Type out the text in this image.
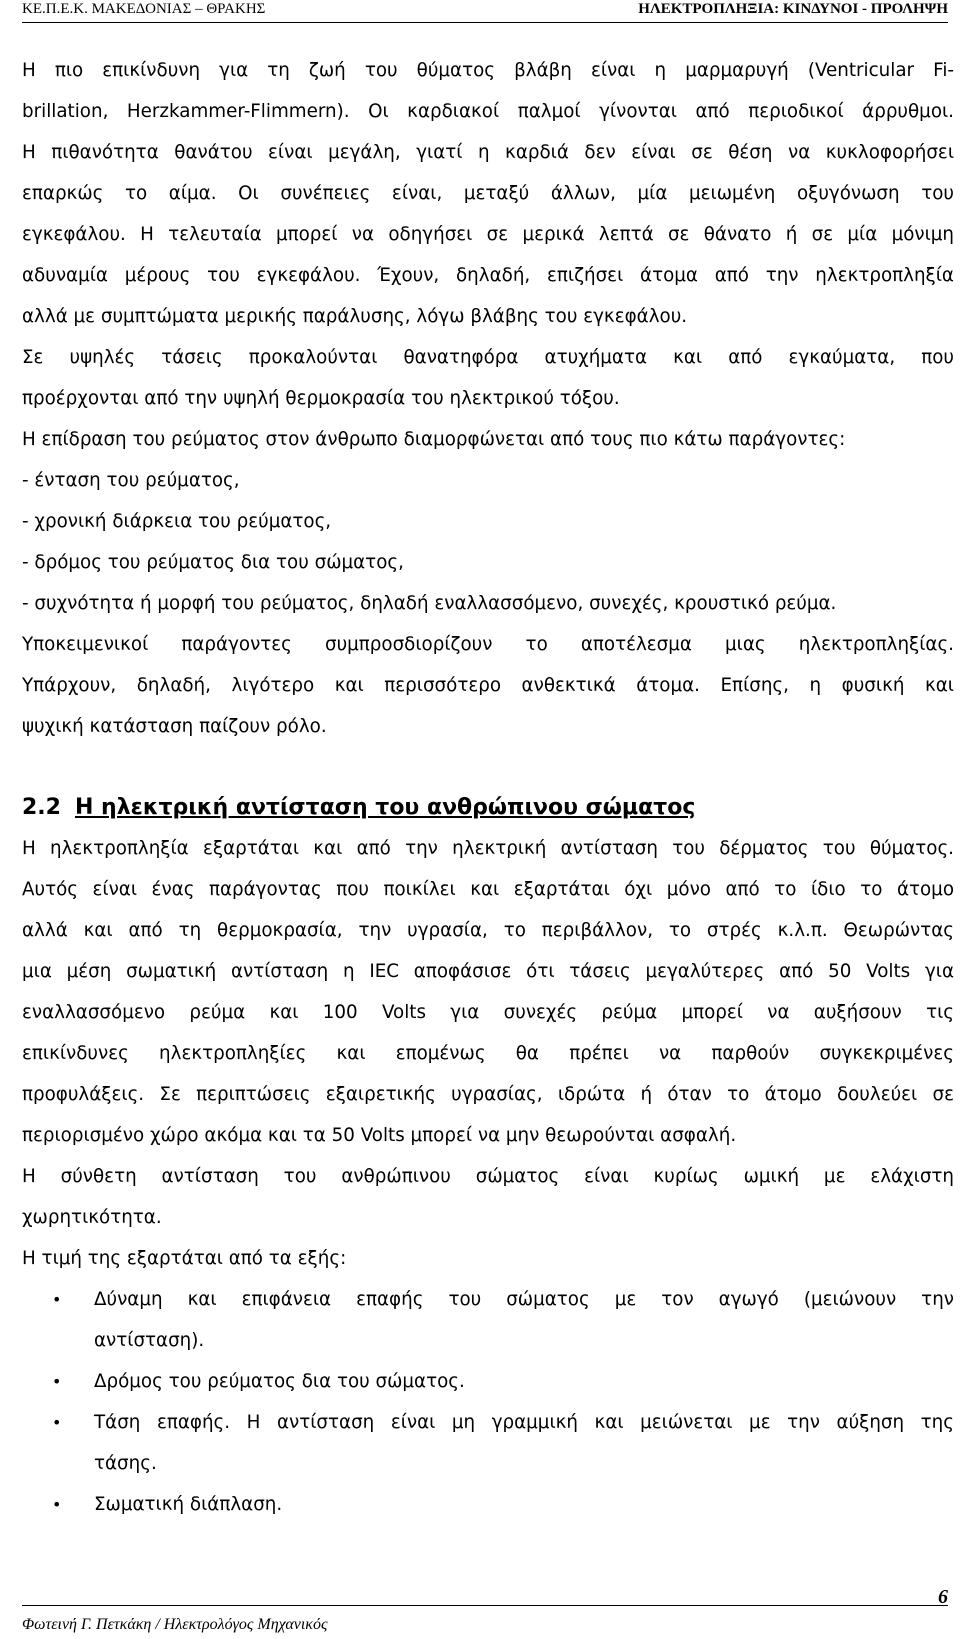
ΚΕ.Π.Ε.Κ. ΜΑΚΕΔΟΝΙΑΣ – ΘΡΑΚΗΣ	ΗΛΕΚΤΡΟΠΛΗΞΙΑ: ΚΙΝΔΥΝΟΙ - ΠΡΟΛΗΨΗ

Η πιο επικίνδυνη για τη ζωή του θύματος βλάβη είναι η μαρμαρυγή (Ventricular Fi-

brillation, Herzkammer-Flimmern). Οι καρδιακοί παλμοί γίνονται από περιοδικοί άρρυθμοι.

Η πιθανότητα θανάτου είναι μεγάλη, γιατί η καρδιά δεν είναι σε θέση να κυκλοφορήσει

επαρκώς το αίμα. Οι συνέπειες είναι, μεταξύ άλλων, μία μειωμένη οξυγόνωση του

εγκεφάλου. Η τελευταία μπορεί να οδηγήσει σε μερικά λεπτά σε θάνατο ή σε μία μόνιμη

αδυναμία μέρους του εγκεφάλου. Έχουν, δηλαδή, επιζήσει άτομα από την ηλεκτροπληξία

αλλά με συμπτώματα μερικής παράλυσης, λόγω βλάβης του εγκεφάλου.

Σε υψηλές τάσεις προκαλούνται θανατηφόρα ατυχήματα και από εγκαύματα, που

προέρχονται από την υψηλή θερμοκρασία του ηλεκτρικού τόξου.

Η επίδραση του ρεύματος στον άνθρωπο διαμορφώνεται από τους πιο κάτω παράγοντες:

- ένταση του ρεύματος,

- χρονική διάρκεια του ρεύματος,

- δρόμος του ρεύματος δια του σώματος,

- συχνότητα ή μορφή του ρεύματος, δηλαδή εναλλασσόμενο, συνεχές, κρουστικό ρεύμα.

Υποκειμενικοί παράγοντες συμπροσδιορίζουν το αποτέλεσμα μιας ηλεκτροπληξίας.

Υπάρχουν, δηλαδή, λιγότερο και περισσότερο ανθεκτικά άτομα. Επίσης, η φυσική και

ψυχική κατάσταση παίζουν ρόλο.

2.2 Η ηλεκτρική αντίσταση του ανθρώπινου σώματος

Η ηλεκτροπληξία εξαρτάται και από την ηλεκτρική αντίσταση του δέρματος του θύματος.

Αυτός είναι ένας παράγοντας που ποικίλει και εξαρτάται όχι μόνο από το ίδιο το άτομο

αλλά και από τη θερμοκρασία, την υγρασία, το περιβάλλον, το στρές κ.λ.π. Θεωρώντας

μια μέση σωματική αντίσταση η IEC αποφάσισε ότι τάσεις μεγαλύτερες από 50 Volts για

εναλλασσόμενο ρεύμα και 100 Volts για συνεχές ρεύμα μπορεί να αυξήσουν τις

επικίνδυνες ηλεκτροπληξίες και επομένως θα πρέπει να παρθούν συγκεκριμένες

προφυλάξεις. Σε περιπτώσεις εξαιρετικής υγρασίας, ιδρώτα ή όταν το άτομο δουλεύει σε

περιορισμένο χώρο ακόμα και τα 50 Volts μπορεί να μην θεωρούνται ασφαλή.

Η σύνθετη αντίσταση του ανθρώπινου σώματος είναι κυρίως ωμική με ελάχιστη

χωρητικότητα.

Η τιμή της εξαρτάται από τα εξής:

•	Δύναμη και επιφάνεια επαφής του σώματος με τον αγωγό (μειώνουν την

αντίσταση).

•	Δρόμος του ρεύματος δια του σώματος.

•	Τάση επαφής. Η αντίσταση είναι μη γραμμική και μειώνεται με την αύξηση της

τάσης.

•	Σωματική διάπλαση.

Φωτεινή Γ. Πετκάκη / Ηλεκτρολόγος Μηχανικός
6
